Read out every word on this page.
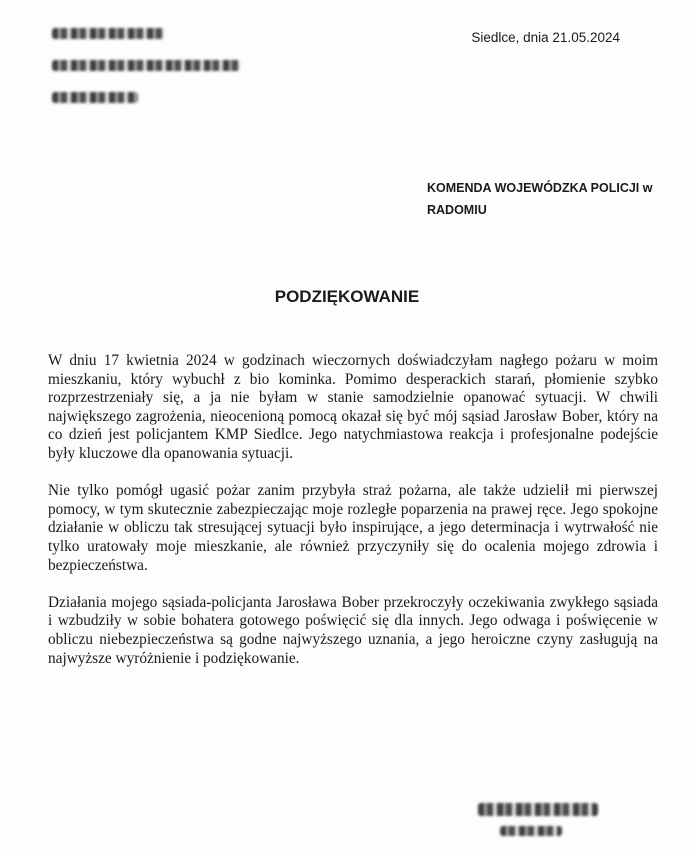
Siedlce, dnia 21.05.2024

KOMENDA WOJEWÓDZKA POLICJI w RADOMIU

PODZIĘKOWANIE

W dniu 17 kwietnia 2024 w godzinach wieczornych doświadczyłam nagłego pożaru w moim mieszkaniu, który wybuchł z bio kominka. Pomimo desperackich starań, płomienie szybko rozprzestrzeniały się, a ja nie byłam w stanie samodzielnie opanować sytuacji. W chwili największego zagrożenia, nieocenioną pomocą okazał się być mój sąsiad Jarosław Bober, który na co dzień jest policjantem KMP Siedlce. Jego natychmiastowa reakcja i profesjonalne podejście były kluczowe dla opanowania sytuacji.

Nie tylko pomógł ugasić pożar zanim przybyła straż pożarna, ale także udzielił mi pierwszej pomocy, w tym skutecznie zabezpieczając moje rozległe poparzenia na prawej ręce. Jego spokojne działanie w obliczu tak stresującej sytuacji było inspirujące, a jego determinacja i wytrwałość nie tylko uratowały moje mieszkanie, ale również przyczyniły się do ocalenia mojego zdrowia i bezpieczeństwa.

Działania mojego sąsiada-policjanta Jarosława Bober przekroczyły oczekiwania zwykłego sąsiada i wzbudziły w sobie bohatera gotowego poświęcić się dla innych. Jego odwaga i poświęcenie w obliczu niebezpieczeństwa są godne najwyższego uznania, a jego heroiczne czyny zasługują na najwyższe wyróżnienie i podziękowanie.
